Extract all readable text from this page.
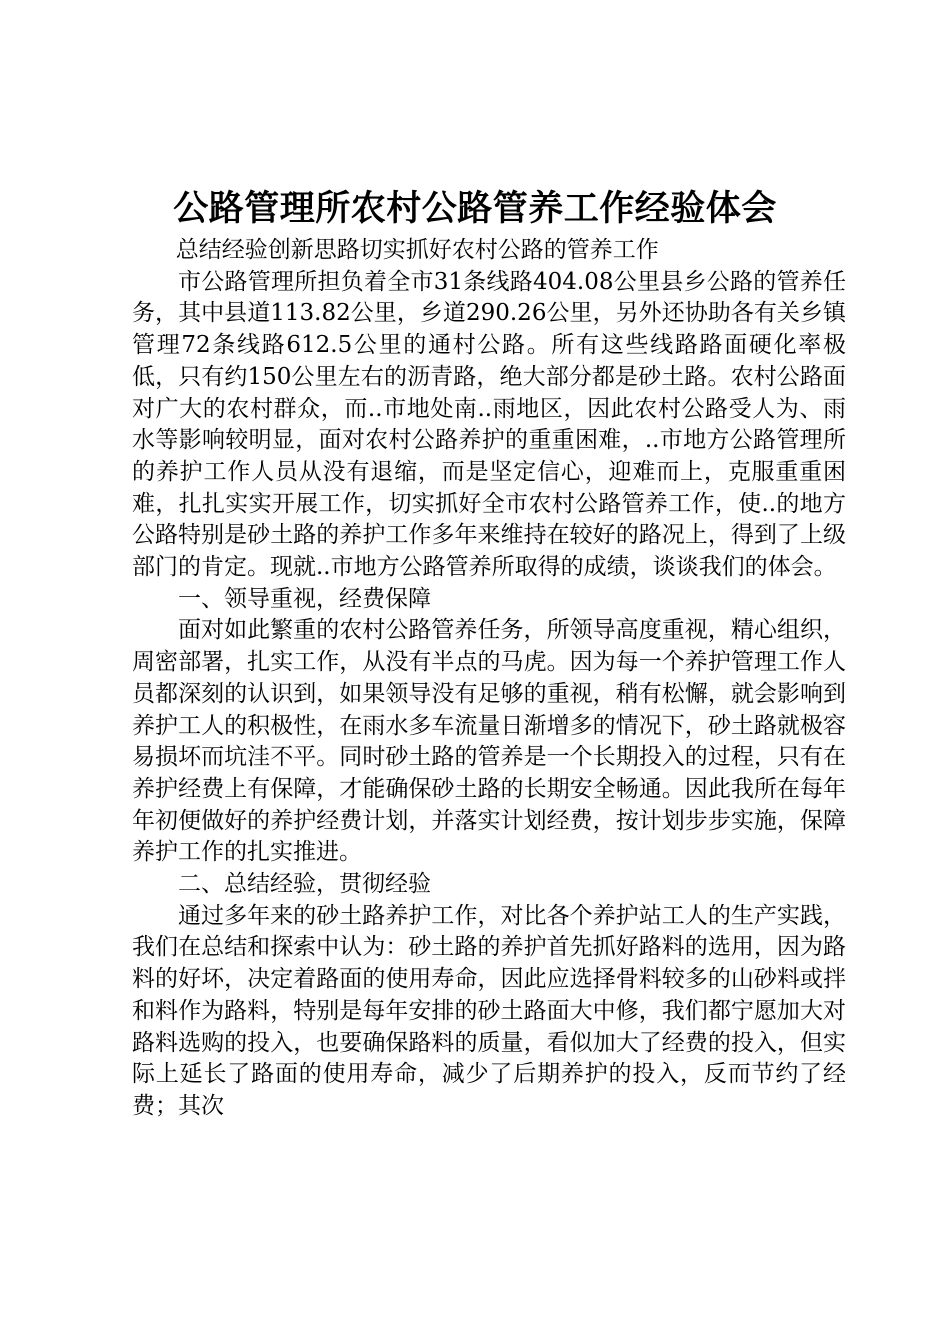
公路管理所农村公路管养工作经验体会

总结经验创新思路切实抓好农村公路的管养工作

市公路管理所担负着全市31条线路404.08公里县乡公路的管养任务，其中县道113.82公里，乡道290.26公里，另外还协助各有关乡镇管理72条线路612.5公里的通村公路。所有这些线路路面硬化率极低，只有约150公里左右的沥青路，绝大部分都是砂土路。农村公路面对广大的农村群众，而..市地处南..雨地区，因此农村公路受人为、雨水等影响较明显，面对农村公路养护的重重困难，..市地方公路管理所的养护工作人员从没有退缩，而是坚定信心，迎难而上，克服重重困难，扎扎实实开展工作，切实抓好全市农村公路管养工作，使..的地方公路特别是砂土路的养护工作多年来维持在较好的路况上，得到了上级部门的肯定。现就..市地方公路管养所取得的成绩，谈谈我们的体会。

一、领导重视，经费保障

面对如此繁重的农村公路管养任务，所领导高度重视，精心组织，周密部署，扎实工作，从没有半点的马虎。因为每一个养护管理工作人员都深刻的认识到，如果领导没有足够的重视，稍有松懈，就会影响到养护工人的积极性，在雨水多车流量日渐增多的情况下，砂土路就极容易损坏而坑洼不平。同时砂土路的管养是一个长期投入的过程，只有在养护经费上有保障，才能确保砂土路的长期安全畅通。因此我所在每年年初便做好的养护经费计划，并落实计划经费，按计划步步实施，保障养护工作的扎实推进。

二、总结经验，贯彻经验

通过多年来的砂土路养护工作，对比各个养护站工人的生产实践，我们在总结和探索中认为：砂土路的养护首先抓好路料的选用，因为路料的好坏，决定着路面的使用寿命，因此应选择骨料较多的山砂料或拌和料作为路料，特别是每年安排的砂土路面大中修，我们都宁愿加大对路料选购的投入，也要确保路料的质量，看似加大了经费的投入，但实际上延长了路面的使用寿命，减少了后期养护的投入，反而节约了经费；其次
